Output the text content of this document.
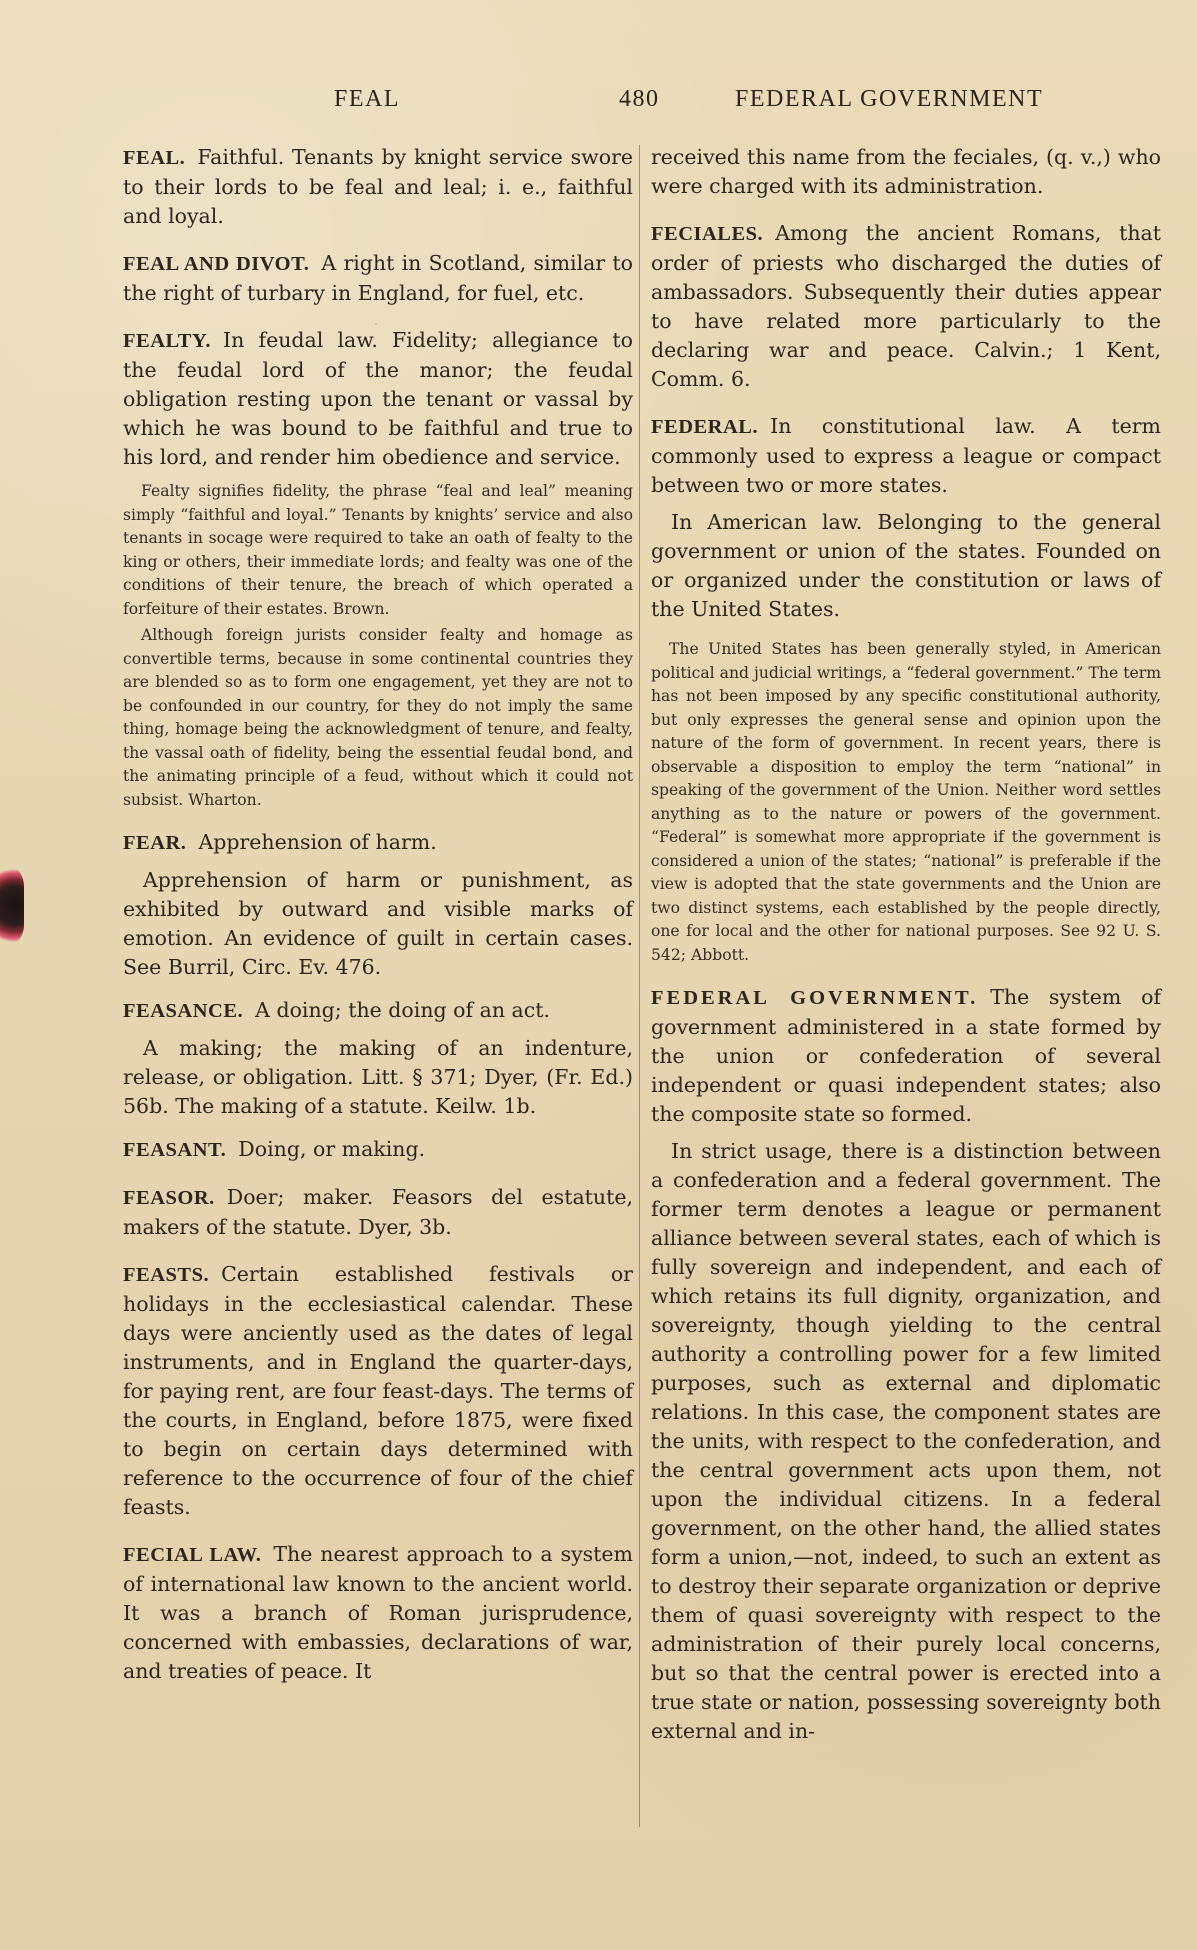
FEAL	480	FEDERAL GOVERNMENT

FEAL. Faithful. Tenants by knight service swore to their lords to be feal and leal; i. e., faithful and loyal.

FEAL AND DIVOT. A right in Scotland, similar to the right of turbary in England, for fuel, etc.

FEALTY. In feudal law. Fidelity; allegiance to the feudal lord of the manor; the feudal obligation resting upon the tenant or vassal by which he was bound to be faithful and true to his lord, and render him obedience and service.

Fealty signifies fidelity, the phrase “feal and leal” meaning simply “faithful and loyal.” Tenants by knights’ service and also tenants in socage were required to take an oath of fealty to the king or others, their immediate lords; and fealty was one of the conditions of their tenure, the breach of which operated a forfeiture of their estates. Brown.

Although foreign jurists consider fealty and homage as convertible terms, because in some continental countries they are blended so as to form one engagement, yet they are not to be confounded in our country, for they do not imply the same thing, homage being the acknowledgment of tenure, and fealty, the vassal oath of fidelity, being the essential feudal bond, and the animating principle of a feud, without which it could not subsist. Wharton.

FEAR. Apprehension of harm.

Apprehension of harm or punishment, as exhibited by outward and visible marks of emotion. An evidence of guilt in certain cases. See Burril, Circ. Ev. 476.

FEASANCE. A doing; the doing of an act.

A making; the making of an indenture, release, or obligation. Litt. § 371; Dyer, (Fr. Ed.) 56b. The making of a statute. Keilw. 1b.

FEASANT. Doing, or making.

FEASOR. Doer; maker. Feasors del estatute, makers of the statute. Dyer, 3b.

FEASTS. Certain established festivals or holidays in the ecclesiastical calendar. These days were anciently used as the dates of legal instruments, and in England the quarter-days, for paying rent, are four feast-days. The terms of the courts, in England, before 1875, were fixed to begin on certain days determined with reference to the occurrence of four of the chief feasts.

FECIAL LAW. The nearest approach to a system of international law known to the ancient world. It was a branch of Roman jurisprudence, concerned with embassies, declarations of war, and treaties of peace. It

received this name from the feciales, (q. v.,) who were charged with its administration.

FECIALES. Among the ancient Romans, that order of priests who discharged the duties of ambassadors. Subsequently their duties appear to have related more particularly to the declaring war and peace. Calvin.; 1 Kent, Comm. 6.

FEDERAL. In constitutional law. A term commonly used to express a league or compact between two or more states.

In American law. Belonging to the general government or union of the states. Founded on or organized under the constitution or laws of the United States.

The United States has been generally styled, in American political and judicial writings, a “federal government.” The term has not been imposed by any specific constitutional authority, but only expresses the general sense and opinion upon the nature of the form of government. In recent years, there is observable a disposition to employ the term “national” in speaking of the government of the Union. Neither word settles anything as to the nature or powers of the government. “Federal” is somewhat more appropriate if the government is considered a union of the states; “national” is preferable if the view is adopted that the state governments and the Union are two distinct systems, each established by the people directly, one for local and the other for national purposes. See 92 U. S. 542; Abbott.

FEDERAL GOVERNMENT. The system of government administered in a state formed by the union or confederation of several independent or quasi independent states; also the composite state so formed.

In strict usage, there is a distinction between a confederation and a federal government. The former term denotes a league or permanent alliance between several states, each of which is fully sovereign and independent, and each of which retains its full dignity, organization, and sovereignty, though yielding to the central authority a controlling power for a few limited purposes, such as external and diplomatic relations. In this case, the component states are the units, with respect to the confederation, and the central government acts upon them, not upon the individual citizens. In a federal government, on the other hand, the allied states form a union,—not, indeed, to such an extent as to destroy their separate organization or deprive them of quasi sovereignty with respect to the administration of their purely local concerns, but so that the central power is erected into a true state or nation, possessing sovereignty both external and in-
